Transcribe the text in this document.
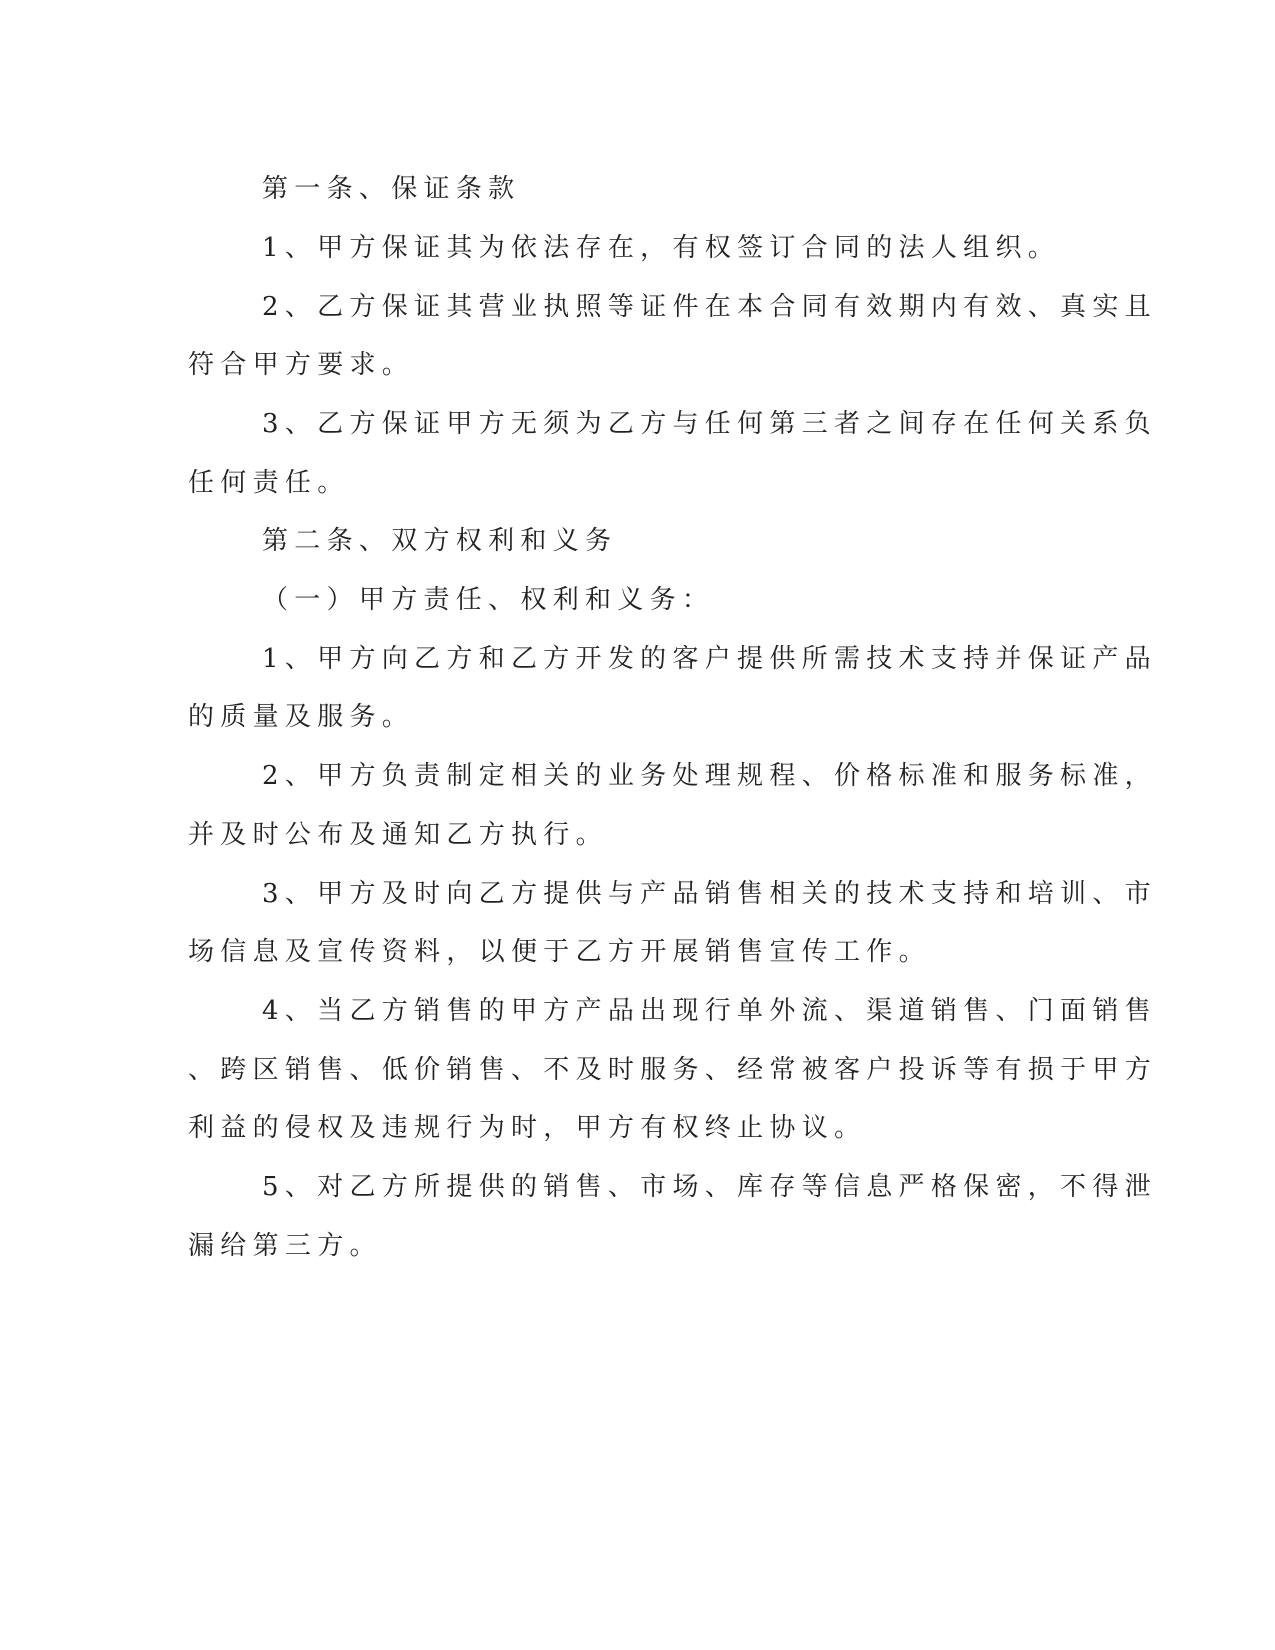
第一条、保证条款

1、甲方保证其为依法存在，有权签订合同的法人组织。

2、乙方保证其营业执照等证件在本合同有效期内有效、真实且

符合甲方要求。

3、乙方保证甲方无须为乙方与任何第三者之间存在任何关系负

任何责任。

第二条、双方权利和义务

（一）甲方责任、权利和义务：

1、甲方向乙方和乙方开发的客户提供所需技术支持并保证产品

的质量及服务。

2、甲方负责制定相关的业务处理规程、价格标准和服务标准，

并及时公布及通知乙方执行。

3、甲方及时向乙方提供与产品销售相关的技术支持和培训、市

场信息及宣传资料，以便于乙方开展销售宣传工作。

4、当乙方销售的甲方产品出现行单外流、渠道销售、门面销售

、跨区销售、低价销售、不及时服务、经常被客户投诉等有损于甲方

利益的侵权及违规行为时，甲方有权终止协议。

5、对乙方所提供的销售、市场、库存等信息严格保密，不得泄

漏给第三方。
